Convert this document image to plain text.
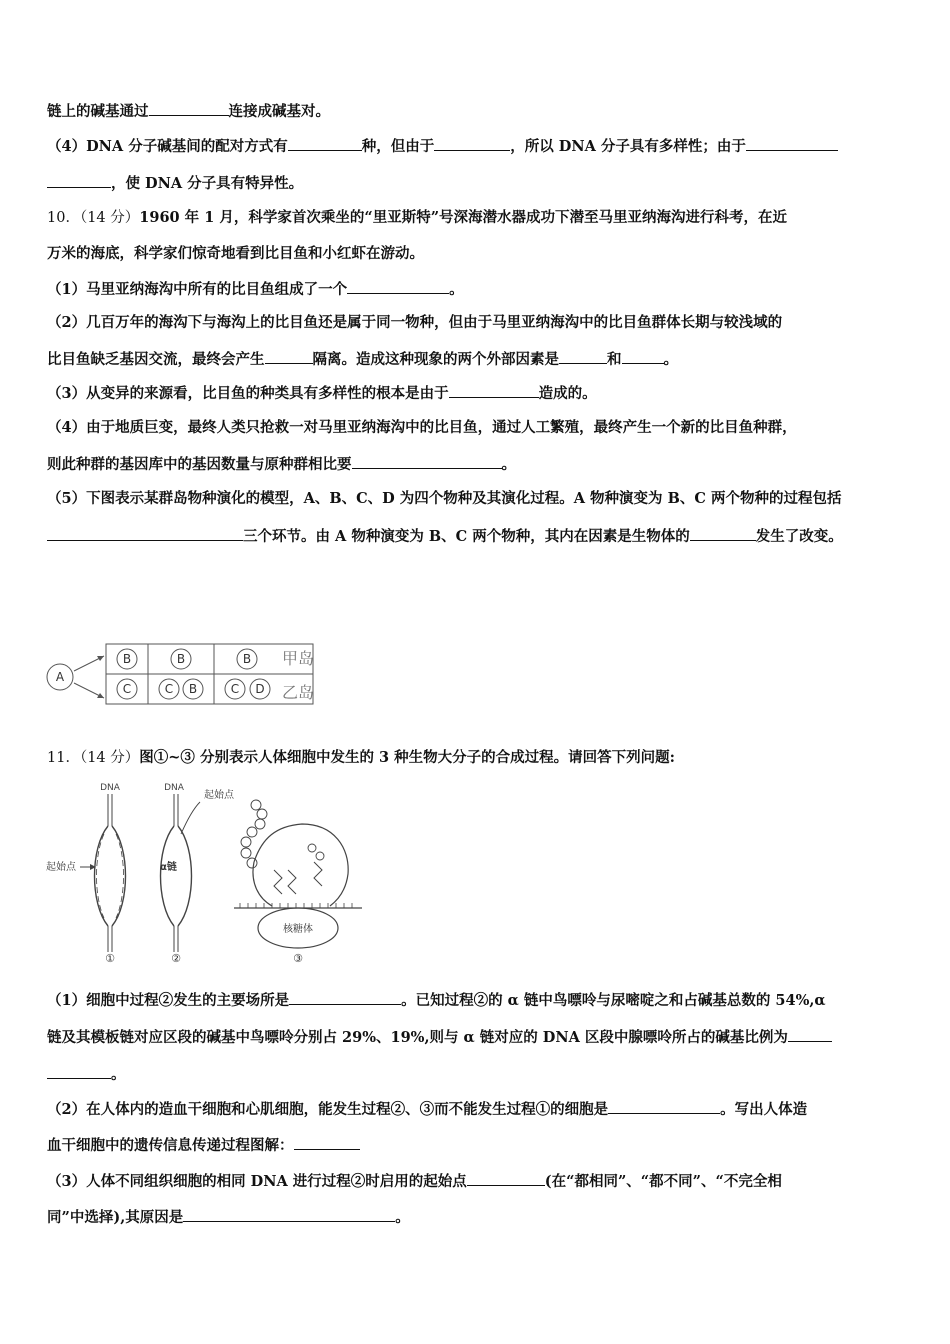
链上的碱基通过	连接成碱基对。
（4）DNA 分子碱基间的配对方式有	种，但由于	，所以 DNA 分子具有多样性；由于
，使 DNA 分子具有特异性。
10．（14 分）1960 年 1 月，科学家首次乘坐的“里亚斯特”号深海潜水器成功下潜至马里亚纳海沟进行科考，在近
万米的海底，科学家们惊奇地看到比目鱼和小红虾在游动。
（1）马里亚纳海沟中所有的比目鱼组成了一个	。
（2）几百万年的海沟下与海沟上的比目鱼还是属于同一物种，但由于马里亚纳海沟中的比目鱼群体长期与较浅域的
比目鱼缺乏基因交流，最终会产生	隔离。造成这种现象的两个外部因素是	和	。
（3）从变异的来源看，比目鱼的种类具有多样性的根本是由于	造成的。
（4）由于地质巨变，最终人类只抢救一对马里亚纳海沟中的比目鱼，通过人工繁殖，最终产生一个新的比目鱼种群，
则此种群的基因库中的基因数量与原种群相比要	。
（5）下图表示某群岛物种演化的模型，A、B、C、D 为四个物种及其演化过程。A 物种演变为 B、C 两个物种的过程包括
三个环节。由 A 物种演变为 B、C 两个物种，其内在因素是生物体的	发生了改变。
A
B	B	B
C	C B	C D
甲岛
乙岛
11．（14 分）图①~③ 分别表示人体细胞中发生的 3 种生物大分子的合成过程。请回答下列问题:
DNA
起始点
①
DNA
起始点
α链
②
核糖体
③
（1）细胞中过程②发生的主要场所是	。已知过程②的 α 链中鸟嘌呤与尿嘧啶之和占碱基总数的 54%,α
链及其模板链对应区段的碱基中鸟嘌呤分别占 29%、19%,则与 α 链对应的 DNA 区段中腺嘌呤所占的碱基比例为
。
（2）在人体内的造血干细胞和心肌细胞，能发生过程②、③而不能发生过程①的细胞是	。写出人体造
血干细胞中的遗传信息传递过程图解：
（3）人体不同组织细胞的相同 DNA 进行过程②时启用的起始点	(在“都相同”、“都不同”、“不完全相
同”中选择),其原因是	。
